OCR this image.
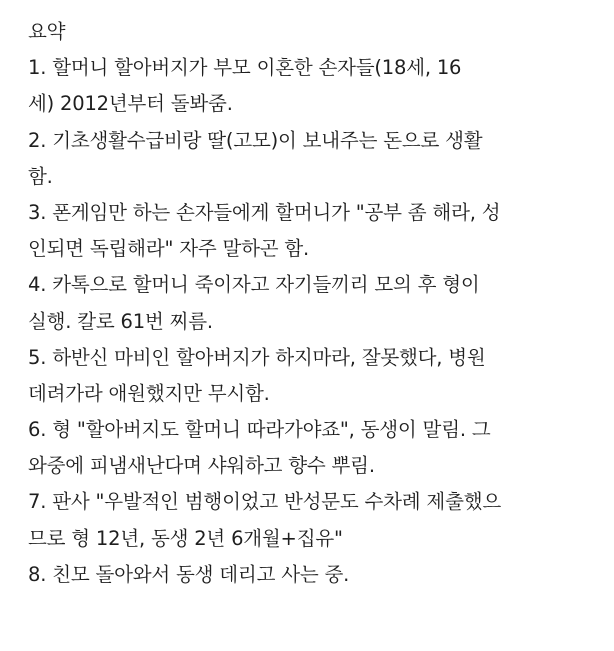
요약
1. 할머니 할아버지가 부모 이혼한 손자들(18세, 16
세) 2012년부터 돌봐줌.
2. 기초생활수급비랑 딸(고모)이 보내주는 돈으로 생활
함.
3. 폰게임만 하는 손자들에게 할머니가 "공부 좀 해라, 성
인되면 독립해라" 자주 말하곤 함.
4. 카톡으로 할머니 죽이자고 자기들끼리 모의 후 형이
실행. 칼로 61번 찌름.
5. 하반신 마비인 할아버지가 하지마라, 잘못했다, 병원
데려가라 애원했지만 무시함.
6. 형 "할아버지도 할머니 따라가야죠", 동생이 말림. 그
와중에 피냄새난다며 샤워하고 향수 뿌림.
7. 판사 "우발적인 범행이었고 반성문도 수차례 제출했으
므로 형 12년, 동생 2년 6개월+집유"
8. 친모 돌아와서 동생 데리고 사는 중.
